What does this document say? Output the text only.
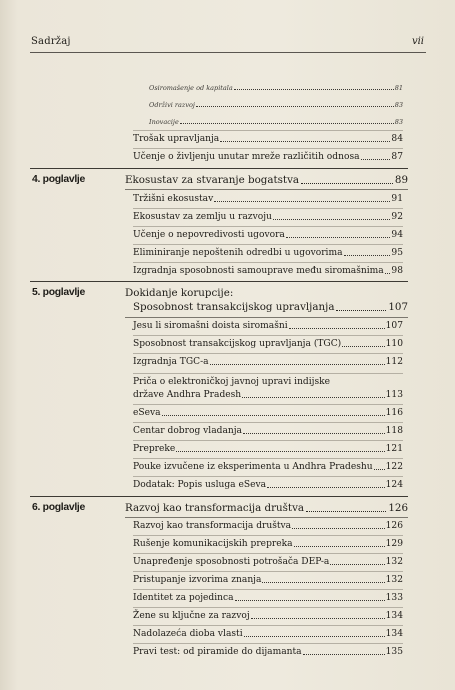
Sadržaj	vii
Osiromašenje od kapitala	81
Održivi razvoj	83
Inovacije	83
Trošak upravljanja	84
Učenje o življenju unutar mreže različitih odnosa	87
4. poglavlje	Ekosustav za stvaranje bogatstva	89
Tržišni ekosustav	91
Ekosustav za zemlju u razvoju	92
Učenje o nepovredivosti ugovora	94
Eliminiranje nepoštenih odredbi u ugovorima	95
Izgradnja sposobnosti samouprave među siromašnima 98
5. poglavlje	Dokidanje korupcije:
Sposobnost transakcijskog upravljanja	107
Jesu li siromašni doista siromašni	107
Sposobnost transakcijskog upravljanja (TGC)	110
Izgradnja TGC-a	112
Priča o elektroničkoj javnoj upravi indijske
države Andhra Pradesh	113
eSeva	116
Centar dobrog vladanja	118
Prepreke	121
Pouke izvučene iz eksperimenta u Andhra Pradeshu 122
Dodatak: Popis usluga eSeva	124
6. poglavlje	Razvoj kao transformacija društva	126
Razvoj kao transformacija društva	126
Rušenje komunikacijskih prepreka	129
Unapređenje sposobnosti potrošača DEP-a	132
Pristupanje izvorima znanja	132
Identitet za pojedinca	133
Žene su ključne za razvoj	134
Nadolazeća dioba vlasti	134
Pravi test: od piramide do dijamanta	135
